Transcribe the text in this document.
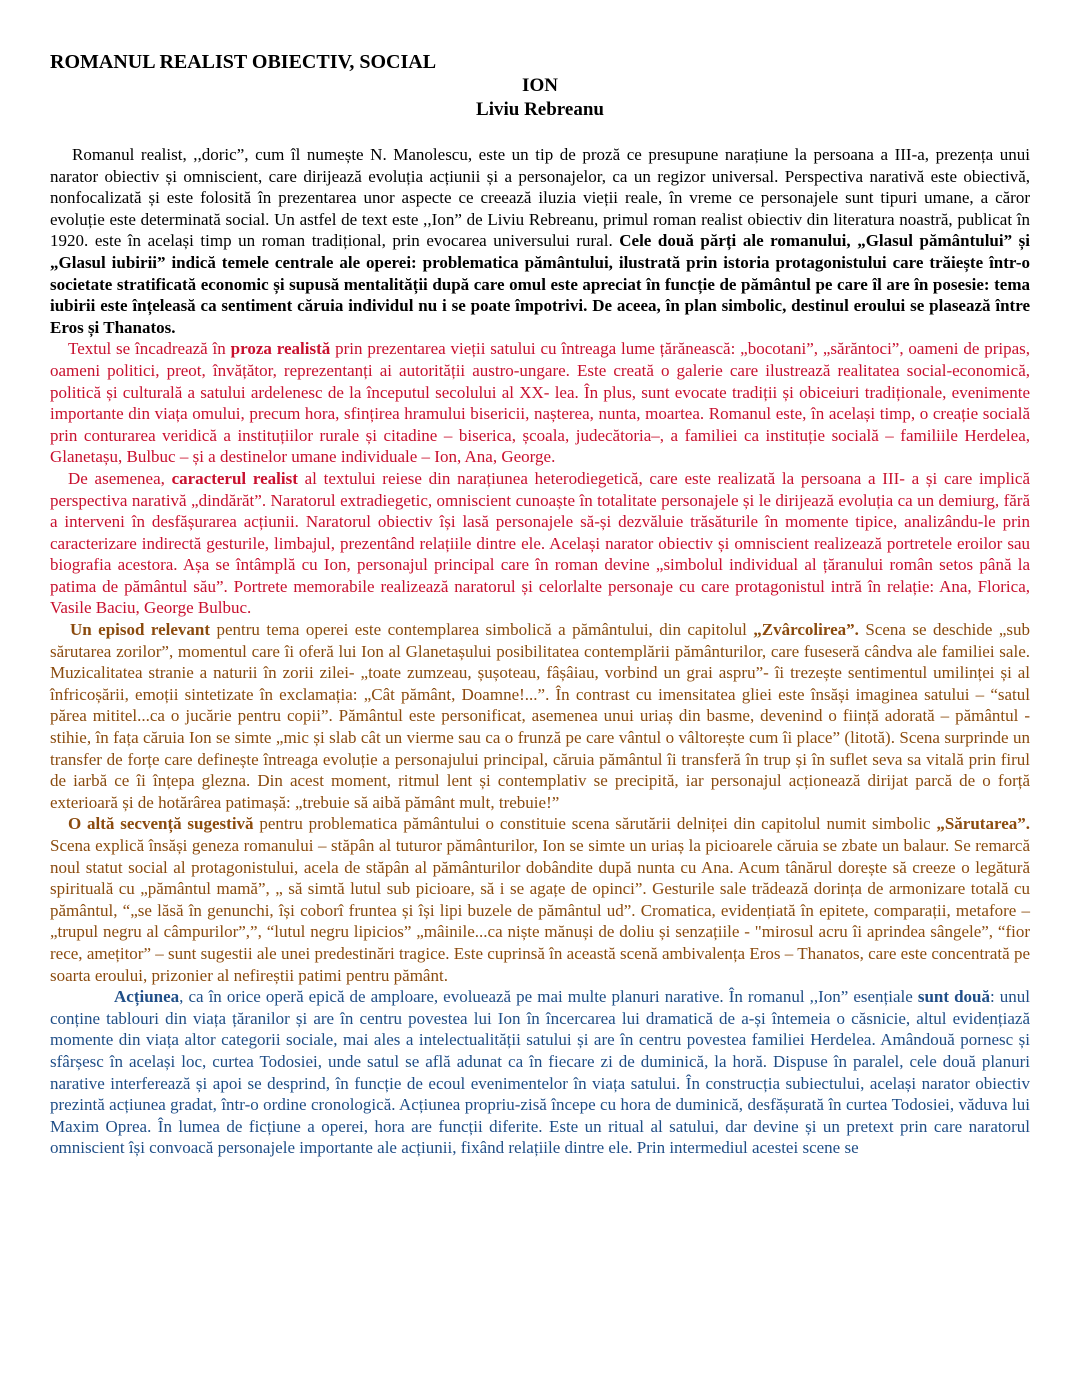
ROMANUL REALIST OBIECTIV, SOCIAL
ION
Liviu Rebreanu

Romanul realist, ,,doric”, cum îl numește N. Manolescu, este un tip de proză ce presupune narațiune la persoana a III-a, prezența unui narator obiectiv și omniscient, care dirijează evoluția acțiunii și a personajelor, ca un regizor universal. Perspectiva narativă este obiectivă, nonfocalizată și este folosită în prezentarea unor aspecte ce creează iluzia vieții reale, în vreme ce personajele sunt tipuri umane, a căror evoluție este determinată social. Un astfel de text este ,,Ion” de Liviu Rebreanu, primul roman realist obiectiv din literatura noastră, publicat în 1920. este în același timp un roman tradițional, prin evocarea universului rural. Cele două părți ale romanului, „Glasul pământului” și „Glasul iubirii” indică temele centrale ale operei: problematica pământului, ilustrată prin istoria protagonistului care trăiește într-o societate stratificată economic și supusă mentalității după care omul este apreciat în funcție de pământul pe care îl are în posesie: tema iubirii este înțeleasă ca sentiment căruia individul nu i se poate împotrivi. De aceea, în plan simbolic, destinul eroului se plasează între Eros și Thanatos.

Textul se încadrează în proza realistă prin prezentarea vieții satului cu întreaga lume țărănească: „bocotani”, „sărăntoci”, oameni de pripas, oameni politici, preot, învățător, reprezentanți ai autorității austro-ungare. Este creată o galerie care ilustrează realitatea social-economică, politică și culturală a satului ardelenesc de la începutul secolului al XX- lea. În plus, sunt evocate tradiții și obiceiuri tradiționale, evenimente importante din viața omului, precum hora, sfințirea hramului bisericii, nașterea, nunta, moartea. Romanul este, în același timp, o creație socială prin conturarea veridică a instituțiilor rurale și citadine – biserica, școala, judecătoria–, a familiei ca instituție socială – familiile Herdelea, Glanetașu, Bulbuc – și a destinelor umane individuale – Ion, Ana, George.

De asemenea, caracterul realist al textului reiese din narațiunea heterodiegetică, care este realizată la persoana a III- a și care implică perspectiva narativă „dindărăt”. Naratorul extradiegetic, omniscient cunoaște în totalitate personajele și le dirijează evoluția ca un demiurg, fără a interveni în desfășurarea acțiunii. Naratorul obiectiv își lasă personajele să-și dezvăluie trăsăturile în momente tipice, analizându-le prin caracterizare indirectă gesturile, limbajul, prezentând relațiile dintre ele. Același narator obiectiv și omniscient realizează portretele eroilor sau biografia acestora. Așa se întâmplă cu Ion, personajul principal care în roman devine „simbolul individual al țăranului român setos până la patima de pământul său”. Portrete memorabile realizează naratorul și celorlalte personaje cu care protagonistul intră în relație: Ana, Florica, Vasile Baciu, George Bulbuc.

Un episod relevant pentru tema operei este contemplarea simbolică a pământului, din capitolul „Zvârcolirea”. Scena se deschide „sub sărutarea zorilor”, momentul care îi oferă lui Ion al Glanetașului posibilitatea contemplării pământurilor, care fuseseră cândva ale familiei sale. Muzicalitatea stranie a naturii în zorii zilei- „toate zumzeau, șușoteau, fâșâiau, vorbind un grai aspru”- îi trezește sentimentul umilinței și al înfricoșării, emoții sintetizate în exclamația: „Cât pământ, Doamne!...”. În contrast cu imensitatea gliei este însăși imaginea satului – “satul părea mititel...ca o jucărie pentru copii”. Pământul este personificat, asemenea unui uriaș din basme, devenind o ființă adorată – pământul - stihie, în fața căruia Ion se simte „mic și slab cât un vierme sau ca o frunză pe care vântul o vâltorește cum îi place” (litotă). Scena surprinde un transfer de forțe care definește întreaga evoluție a personajului principal, căruia pământul îi transferă în trup și în suflet seva sa vitală prin firul de iarbă ce îi înțepa glezna. Din acest moment, ritmul lent și contemplativ se precipită, iar personajul acționează dirijat parcă de o forță exterioară și de hotărârea patimașă: „trebuie să aibă pământ mult, trebuie!”

O altă secvență sugestivă pentru problematica pământului o constituie scena sărutării delniței din capitolul numit simbolic „Sărutarea”. Scena explică însăși geneza romanului – stăpân al tuturor pământurilor, Ion se simte un uriaș la picioarele căruia se zbate un balaur. Se remarcă noul statut social al protagonistului, acela de stăpân al pământurilor dobândite după nunta cu Ana. Acum tânărul dorește să creeze o legătură spirituală cu „pământul mamă”, „ să simtă lutul sub picioare, să i se agațe de opinci”. Gesturile sale trădează dorința de armonizare totală cu pământul, “„se lăsă în genunchi, își coborî fruntea și își lipi buzele de pământul ud”. Cromatica, evidențiată în epitete, comparații, metafore –„trupul negru al câmpurilor”,”, “lutul negru lipicios” „mâinile...ca niște mănuși de doliu și senzațiile - "mirosul acru îi aprindea sângele”, “fior rece, amețitor” – sunt sugestii ale unei predestinări tragice. Este cuprinsă în această scenă ambivalența Eros – Thanatos, care este concentrată pe soarta eroului, prizonier al nefireștii patimi pentru pământ.

Acțiunea, ca în orice operă epică de amploare, evoluează pe mai multe planuri narative. În romanul ,,Ion” esențiale sunt două: unul conține tablouri din viața țăranilor și are în centru povestea lui Ion în încercarea lui dramatică de a-și întemeia o căsnicie, altul evidențiază momente din viața altor categorii sociale, mai ales a intelectualității satului și are în centru povestea familiei Herdelea. Amândouă pornesc și sfârșesc în același loc, curtea Todosiei, unde satul se află adunat ca în fiecare zi de duminică, la horă. Dispuse în paralel, cele două planuri narative interferează și apoi se desprind, în funcție de ecoul evenimentelor în viața satului. În construcția subiectului, același narator obiectiv prezintă acțiunea gradat, într-o ordine cronologică. Acțiunea propriu-zisă începe cu hora de duminică, desfășurată în curtea Todosiei, văduva lui Maxim Oprea. În lumea de ficțiune a operei, hora are funcții diferite. Este un ritual al satului, dar devine și un pretext prin care naratorul omniscient își convoacă personajele importante ale acțiunii, fixând relațiile dintre ele. Prin intermediul acestei scene se
